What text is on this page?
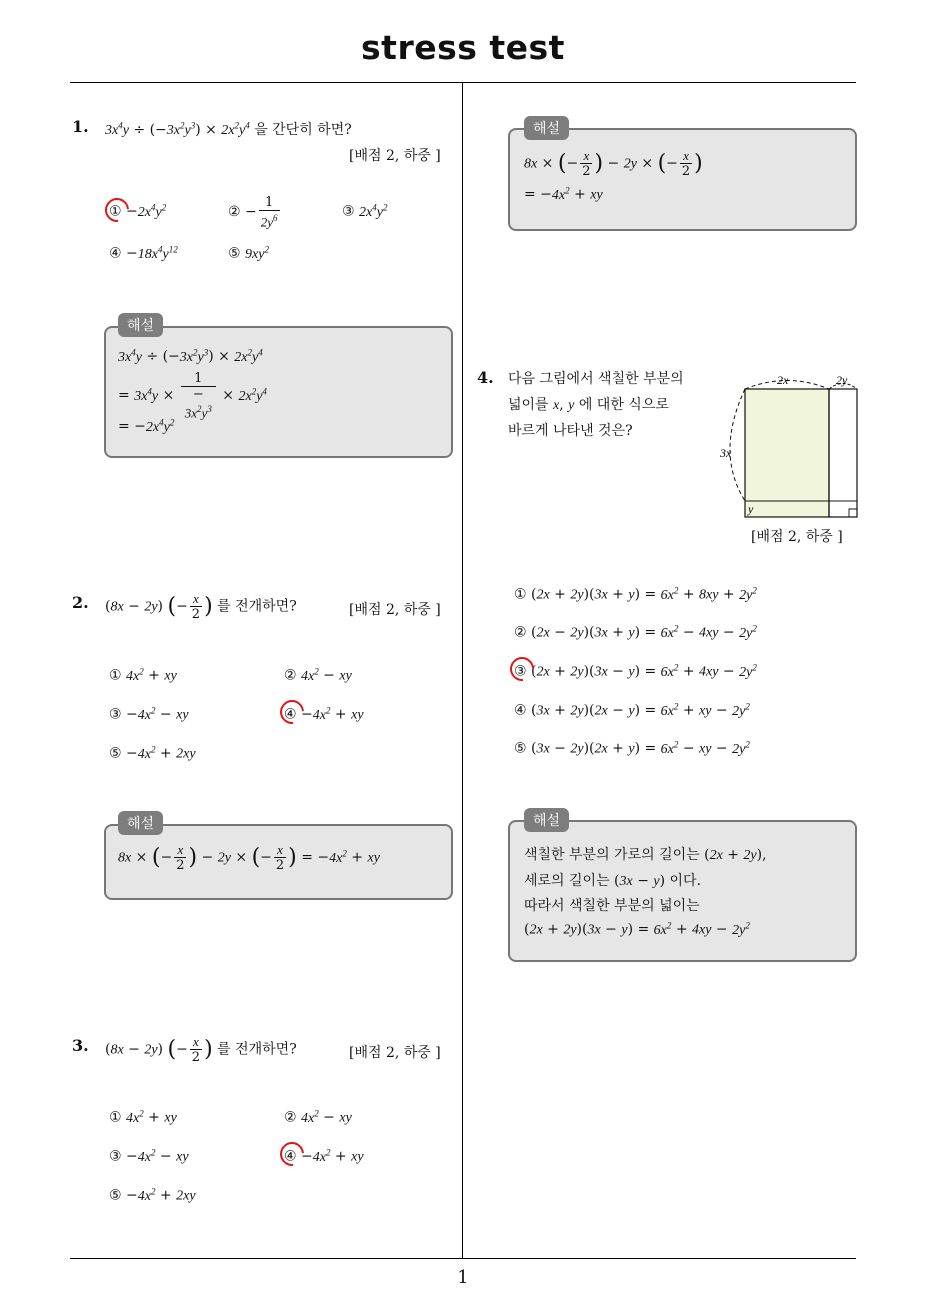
stress test
1
1. $3x^4y \div (-3x^2y^3) \times 2x^2y^4$ 을 간단히 하면?
[배점 2, 하중 ]
① $-2x^4y^2$	② − $\frac{1}{2y^6}$	③ $2x^4y^2$
④ $-18x^4y^{12}$	⑤ $9xy^2$
해설
$3x^4y \div (-3x^2y^3) \times 2x^2y^4$
= $3x^4y \times 1$
−
$3x^2y^3 \times 2x^2y^4$
= $-2x^4y^2$
2. (8x − 2y) (− $\frac{x}{2}$ ) 를 전개하면?	[배점 2, 하중 ]
① $4x^2$ + xy	② $4x^2$ − xy
③ $-4x^2$ − xy	④ $-4x^2$ + xy
⑤ $-4x^2 + 2xy$
해설
8x × (− $\frac{x}{2}$ ) − 2y × (− $\frac{x}{2}$ ) = $-4x^2$ + xy
3. (8x − 2y) (− $\frac{x}{2}$ ) 를 전개하면?	[배점 2, 하중 ]
① $4x^2$ + xy	② $4x^2$ − xy
③ $-4x^2$ − xy	④ $-4x^2$ + xy
⑤ $-4x^2 + 2xy$
해설
8x × (− $\frac{x}{2}$ ) − 2y × (− $\frac{x}{2}$ )
= $-4x^2$ + xy
4. 다음 그림에서 색칠한 부분의
넓이를 x, y 에 대한 식으로
바르게 나타낸 것은?
2x	2y
3x
y
[배점 2, 하중 ]
① $(2x + 2y)(3x + y) = 6x^2 + 8xy + 2y^2$
② $(2x - 2y)(3x + y) = 6x^2 - 4xy - 2y^2$
③ $(2x + 2y)(3x - y) = 6x^2 + 4xy - 2y^2$
④ $(3x + 2y)(2x - y) = 6x^2$ + xy − $2y^2$
⑤ $(3x - 2y)(2x + y) = 6x^2$ − xy − $2y^2$
해설
색칠한 부분의 가로의 길이는 (2x + 2y),
세로의 길이는 (3x − y) 이다.
따라서 색칠한 부분의 넓이는
$(2x + 2y)(3x - y) = 6x^2 + 4xy - 2y^2$
